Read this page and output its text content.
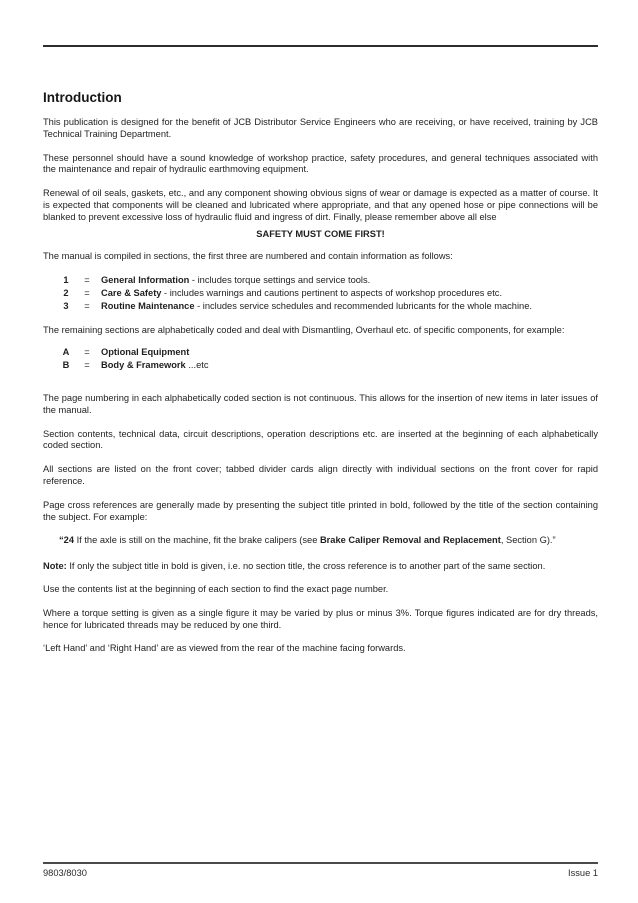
Introduction

This publication is designed for the benefit of JCB Distributor Service Engineers who are receiving, or have received, training by JCB Technical Training Department.

These personnel should have a sound knowledge of workshop practice, safety procedures, and general techniques associated with the maintenance and repair of hydraulic earthmoving equipment.

Renewal of oil seals, gaskets, etc., and any component showing obvious signs of wear or damage is expected as a matter of course. It is expected that components will be cleaned and lubricated where appropriate, and that any opened hose or pipe connections will be blanked to prevent excessive loss of hydraulic fluid and ingress of dirt. Finally, please remember above all else

SAFETY MUST COME FIRST!

The manual is compiled in sections, the first three are numbered and contain information as follows:

1	=	General Information - includes torque settings and service tools.
2	=	Care & Safety - includes warnings and cautions pertinent to aspects of workshop procedures etc.
3	=	Routine Maintenance - includes service schedules and recommended lubricants for the whole machine.

The remaining sections are alphabetically coded and deal with Dismantling, Overhaul etc. of specific components, for example:

A	=	Optional Equipment
B	=	Body & Framework ...etc

The page numbering in each alphabetically coded section is not continuous. This allows for the insertion of new items in later issues of the manual.

Section contents, technical data, circuit descriptions, operation descriptions etc. are inserted at the beginning of each alphabetically coded section.

All sections are listed on the front cover; tabbed divider cards align directly with individual sections on the front cover for rapid reference.

Page cross references are generally made by presenting the subject title printed in bold, followed by the title of the section containing the subject. For example:

“24 If the axle is still on the machine, fit the brake calipers (see Brake Caliper Removal and Replacement, Section G).”

Note: If only the subject title in bold is given, i.e. no section title, the cross reference is to another part of the same section.

Use the contents list at the beginning of each section to find the exact page number.

Where a torque setting is given as a single figure it may be varied by plus or minus 3%. Torque figures indicated are for dry threads, hence for lubricated threads may be reduced by one third.

‘Left Hand’ and ‘Right Hand’ are as viewed from the rear of the machine facing forwards.

9803/8030	Issue 1
